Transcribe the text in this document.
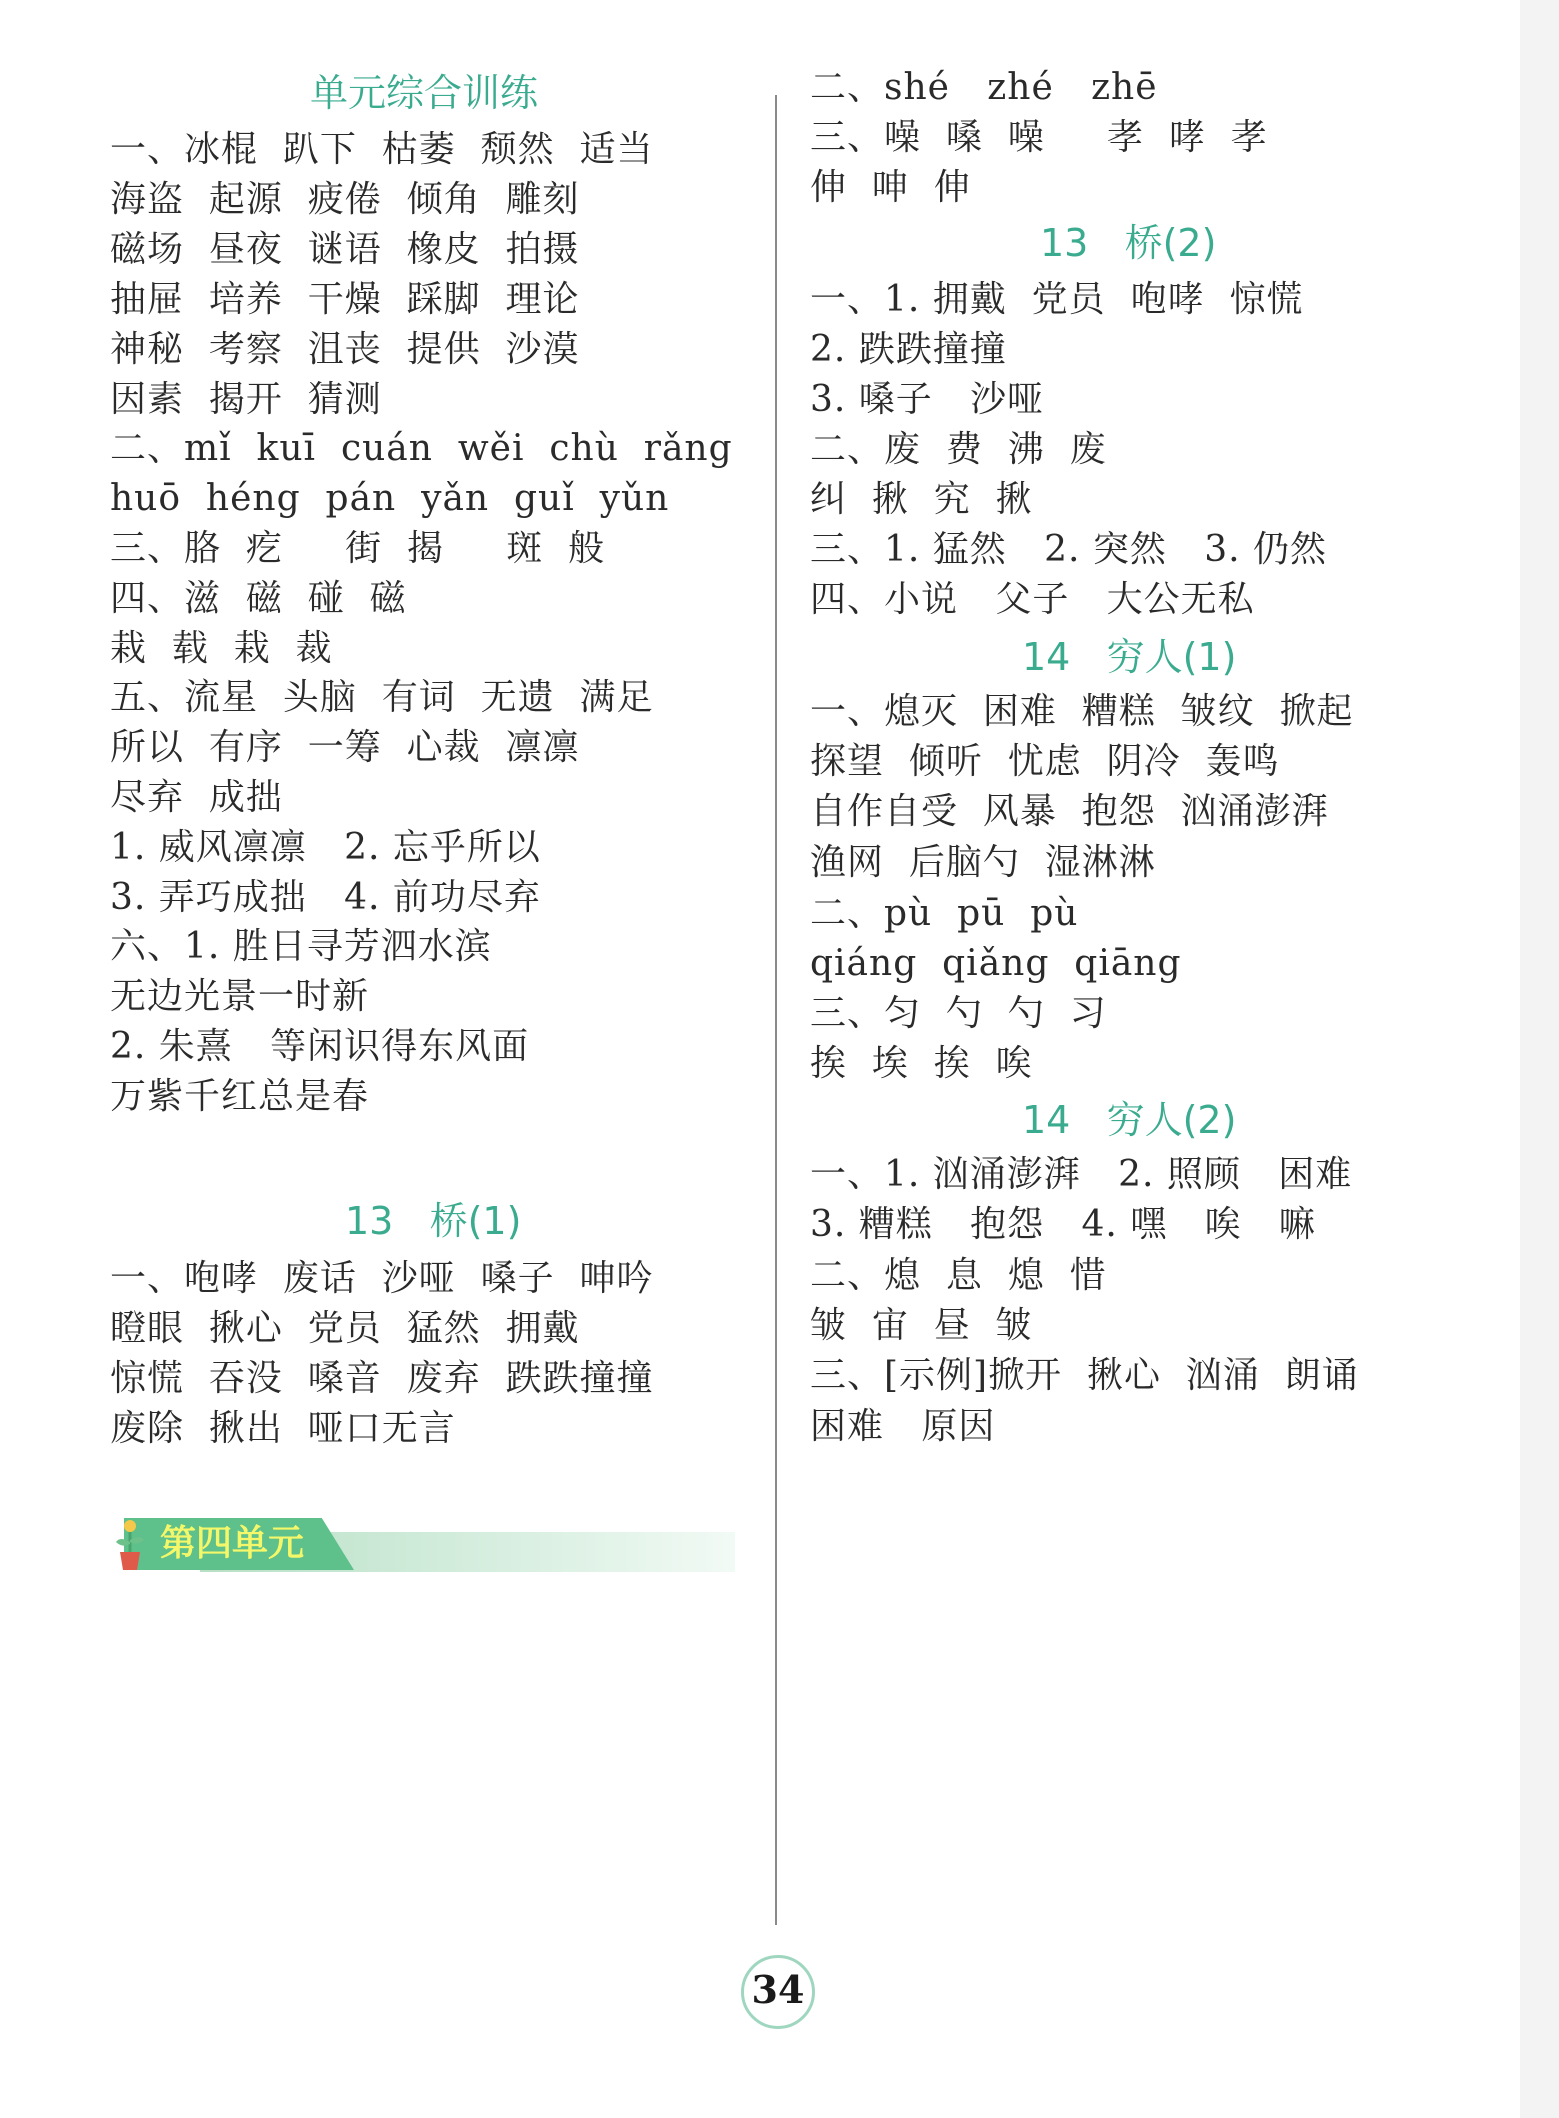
单元综合训练
一、冰棍  趴下  枯萎  颓然  适当
海盗  起源  疲倦  倾角  雕刻
磁场  昼夜  谜语  橡皮  拍摄
抽屉  培养  干燥  踩脚  理论
神秘  考察  沮丧  提供  沙漠
因素  揭开  猜测
二、mǐ  kuī  cuán  wěi  chù  rǎng
huō  héng  pán  yǎn  guǐ  yǔn
三、胳  疙     街  揭     斑  般
四、滋  磁  碰  磁
栽  载  栽  裁
五、流星  头脑  有词  无遗  满足
所以  有序  一筹  心裁  凛凛
尽弃  成拙
1. 威风凛凛   2. 忘乎所以
3. 弄巧成拙   4. 前功尽弃
六、1. 胜日寻芳泗水滨
无边光景一时新
2. 朱熹   等闲识得东风面
万紫千红总是春
第四单元
13   桥(1)
一、咆哮  废话  沙哑  嗓子  呻吟
瞪眼  揪心  党员  猛然  拥戴
惊慌  吞没  嗓音  废弃  跌跌撞撞
废除  揪出  哑口无言
二、shé   zhé   zhē
三、噪  嗓  噪     孝  哮  孝
伸  呻  伸
13   桥(2)
一、1. 拥戴  党员  咆哮  惊慌
2. 跌跌撞撞
3. 嗓子   沙哑
二、废  费  沸  废
纠  揪  究  揪
三、1. 猛然   2. 突然   3. 仍然
四、小说   父子   大公无私
14   穷人(1)
一、熄灭  困难  糟糕  皱纹  掀起
探望  倾听  忧虑  阴冷  轰鸣
自作自受  风暴  抱怨  汹涌澎湃
渔网  后脑勺  湿淋淋
二、pù  pū  pù
qiáng  qiǎng  qiāng
三、匀  勺  勺  习
挨  埃  挨  唉
14   穷人(2)
一、1. 汹涌澎湃   2. 照顾   困难
3. 糟糕   抱怨   4. 嘿   唉   嘛
二、熄  息  熄  惜
皱  宙  昼  皱
三、[示例]掀开  揪心  汹涌  朗诵
困难   原因
34
